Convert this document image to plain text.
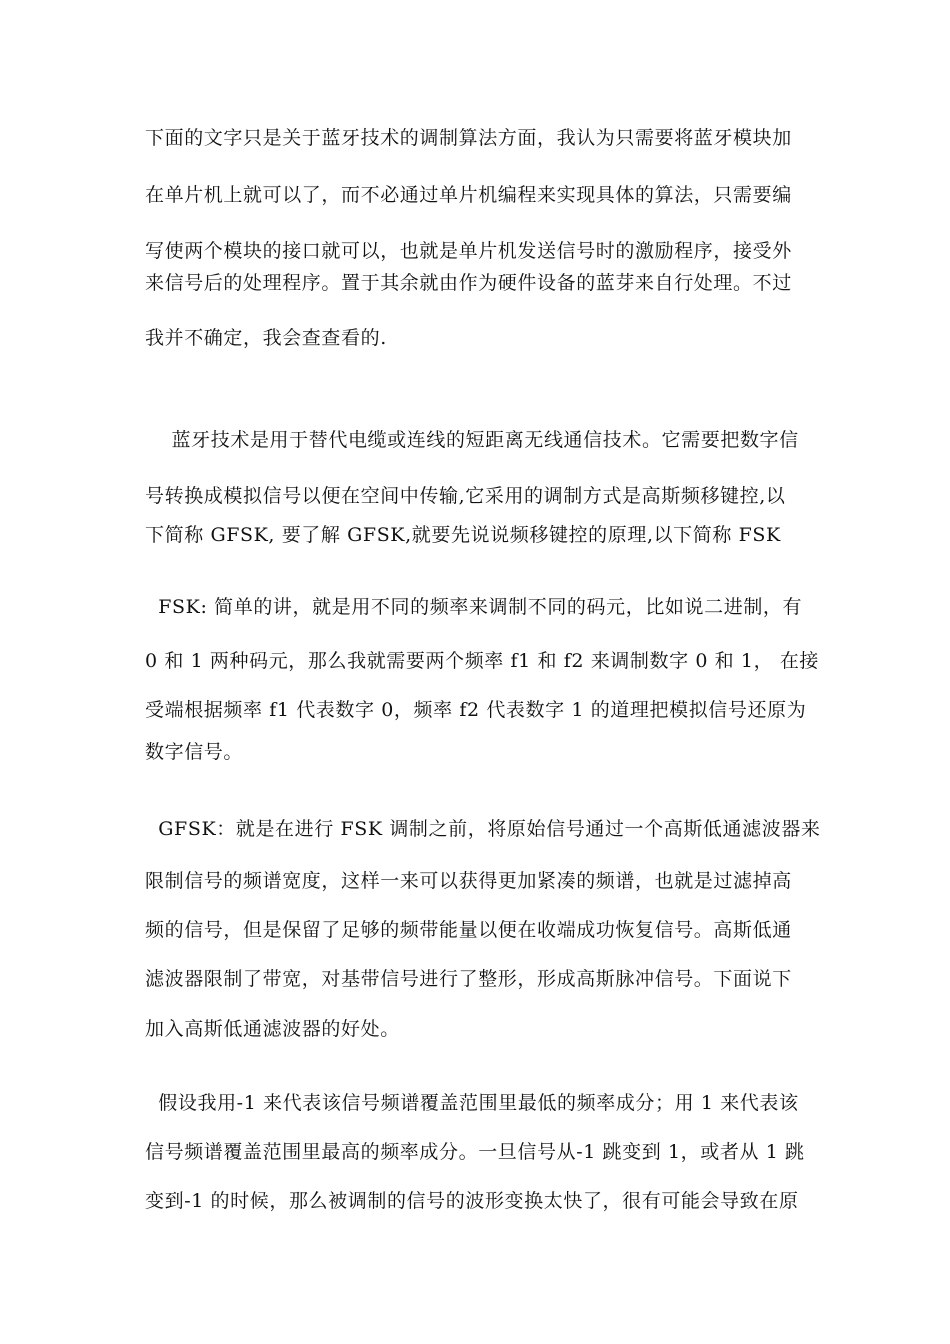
下面的文字只是关于蓝牙技术的调制算法方面，我认为只需要将蓝牙模块加
在单片机上就可以了，而不必通过单片机编程来实现具体的算法，只需要编
写使两个模块的接口就可以，也就是单片机发送信号时的激励程序，接受外
来信号后的处理程序。置于其余就由作为硬件设备的蓝芽来自行处理。不过
我并不确定，我会查查看的.
蓝牙技术是用于替代电缆或连线的短距离无线通信技术。它需要把数字信
号转换成模拟信号以便在空间中传输,它采用的调制方式是高斯频移键控,以
下简称 GFSK, 要了解 GFSK,就要先说说频移键控的原理,以下简称 FSK
FSK: 简单的讲，就是用不同的频率来调制不同的码元，比如说二进制，有
0 和 1 两种码元，那么我就需要两个频率 f1 和 f2 来调制数字 0 和 1， 在接
受端根据频率 f1 代表数字 0，频率 f2 代表数字 1 的道理把模拟信号还原为
数字信号。
GFSK：就是在进行 FSK 调制之前，将原始信号通过一个高斯低通滤波器来
限制信号的频谱宽度，这样一来可以获得更加紧凑的频谱，也就是过滤掉高
频的信号，但是保留了足够的频带能量以便在收端成功恢复信号。高斯低通
滤波器限制了带宽，对基带信号进行了整形，形成高斯脉冲信号。下面说下
加入高斯低通滤波器的好处。
假设我用-1 来代表该信号频谱覆盖范围里最低的频率成分；用 1 来代表该
信号频谱覆盖范围里最高的频率成分。一旦信号从-1 跳变到 1，或者从 1 跳
变到-1 的时候，那么被调制的信号的波形变换太快了，很有可能会导致在原
